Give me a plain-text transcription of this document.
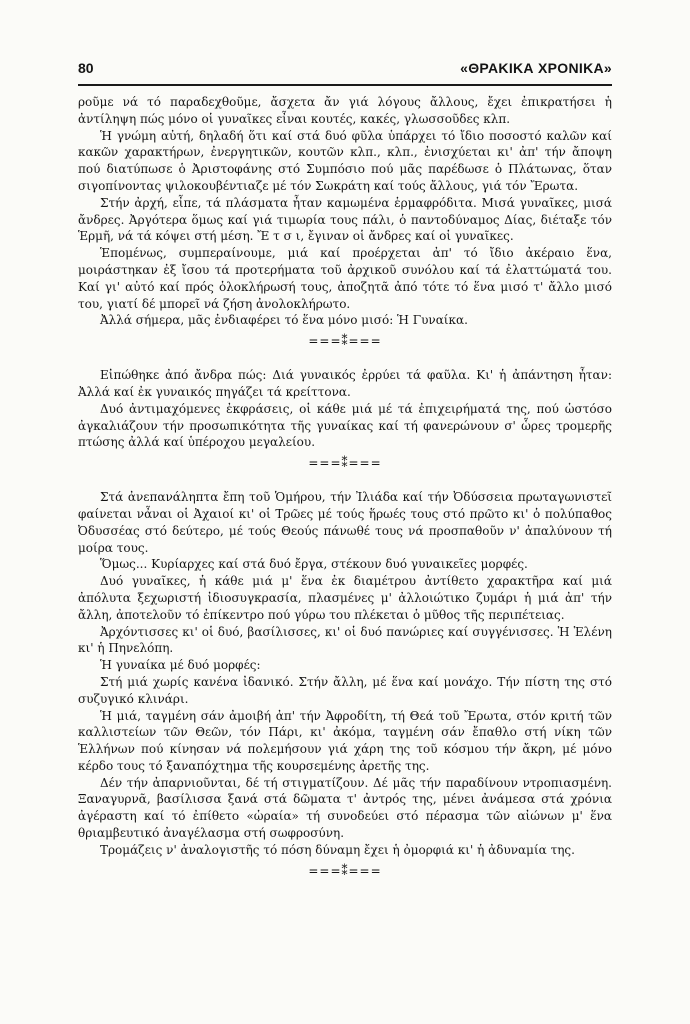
80	«ΘΡΑΚΙΚΑ ΧΡΟΝΙΚΑ»

ροῦμε νά τό παραδεχθοῦμε, ἄσχετα ἄν γιά λόγους ἄλλους, ἔχει ἐπικρατήσει ἡ ἀντίληψη πώς μόνο οἱ γυναῖκες εἶναι κουτές, κακές, γλωσσοῦδες κλπ.

Ἡ γνώμη αὐτή, δηλαδή ὅτι καί στά δυό φῦλα ὑπάρχει τό ἴδιο ποσοστό καλῶν καί κακῶν χαρακτήρων, ἐνεργητικῶν, κουτῶν κλπ., κλπ., ἐνισχύεται κι' ἀπ' τήν ἄποψη πού διατύπωσε ὁ Ἀριστοφάνης στό Συμπόσιο πού μᾶς παρέδωσε ὁ Πλάτωνας, ὅταν σιγοπίνοντας ψιλοκουβέντιαζε μέ τόν Σωκράτη καί τούς ἄλλους, γιά τόν Ἔρωτα.

Στήν ἀρχή, εἶπε, τά πλάσματα ἦταν καμωμένα ἑρμαφρόδιτα. Μισά γυναῖκες, μισά ἄνδρες. Ἀργότερα ὅμως καί γιά τιμωρία τους πάλι, ὁ παντοδύναμος Δίας, διέταξε τόν Ἑρμῆ, νά τά κόψει στή μέση. Ἔ τ σ ι, ἔγιναν οἱ ἄνδρες καί οἱ γυναῖκες.

Ἑπομένως, συμπεραίνουμε, μιά καί προέρχεται ἀπ' τό ἴδιο ἀκέραιο ἕνα, μοιράστηκαν ἐξ ἴσου τά προτερήματα τοῦ ἀρχικοῦ συνόλου καί τά ἐλαττώματά του. Καί γι' αὐτό καί πρός ὁλοκλήρωσή τους, ἀποζητᾶ ἀπό τότε τό ἕνα μισό τ' ἄλλο μισό του, γιατί δέ μπορεῖ νά ζήση ἀνολοκλήρωτο.

Ἀλλά σήμερα, μᾶς ἐνδιαφέρει τό ἕνα μόνο μισό: Ἡ Γυναίκα.

===⁑===

Εἰπώθηκε ἀπό ἄνδρα πώς: Διά γυναικός ἐρρύει τά φαῦλα. Κι' ἡ ἀπάντηση ἦταν: Ἀλλά καί ἐκ γυναικός πηγάζει τά κρείττονα.

Δυό ἀντιμαχόμενες ἐκφράσεις, οἱ κάθε μιά μέ τά ἐπιχειρήματά της, πού ὡστόσο ἀγκαλιάζουν τήν προσωπικότητα τῆς γυναίκας καί τή φανερώνουν σ' ὧρες τρομερῆς πτώσης ἀλλά καί ὑπέροχου μεγαλείου.

===⁑===

Στά ἀνεπανάληπτα ἔπη τοῦ Ὁμήρου, τήν Ἰλιάδα καί τήν Ὀδύσσεια πρωταγωνιστεῖ φαίνεται νἆναι οἱ Ἀχαιοί κι' οἱ Τρῶες μέ τούς ἥρωές τους στό πρῶτο κι' ὁ πολύπαθος Ὀδυσσέας στό δεύτερο, μέ τούς Θεούς πάνωθέ τους νά προσπαθοῦν ν' ἀπαλύνουν τή μοίρα τους.

Ὅμως... Κυρίαρχες καί στά δυό ἔργα, στέκουν δυό γυναικεῖες μορφές.

Δυό γυναῖκες, ἡ κάθε μιά μ' ἕνα ἐκ διαμέτρου ἀντίθετο χαρακτῆρα καί μιά ἀπόλυτα ξεχωριστή ἰδιοσυγκρασία, πλασμένες μ' ἀλλοιώτικο ζυμάρι ἡ μιά ἀπ' τήν ἄλλη, ἀποτελοῦν τό ἐπίκεντρο πού γύρω του πλέκεται ὁ μῦθος τῆς περιπέτειας.

Ἀρχόντισσες κι' οἱ δυό, βασίλισσες, κι' οἱ δυό πανώριες καί συγγένισσες. Ἡ Ἑλένη κι' ἡ Πηνελόπη.

Ἡ γυναίκα μέ δυό μορφές:

Στή μιά χωρίς κανένα ἰδανικό. Στήν ἄλλη, μέ ἕνα καί μονάχο. Τήν πίστη της στό συζυγικό κλινάρι.

Ἡ μιά, ταγμένη σάν ἀμοιβή ἀπ' τήν Ἀφροδίτη, τή Θεά τοῦ Ἔρωτα, στόν κριτή τῶν καλλιστείων τῶν Θεῶν, τόν Πάρι, κι' ἀκόμα, ταγμένη σάν ἔπαθλο στή νίκη τῶν Ἑλλήνων πού κίνησαν νά πολεμήσουν γιά χάρη της τοῦ κόσμου τήν ἄκρη, μέ μόνο κέρδο τους τό ξαναπόχτημα τῆς κουρσεμένης ἀρετῆς της.

Δέν τήν ἀπαρνιοῦνται, δέ τή στιγματίζουν. Δέ μᾶς τήν παραδίνουν ντροπιασμένη. Ξαναγυρνᾶ, βασίλισσα ξανά στά δῶματα τ' ἀντρός της, μένει ἀνάμεσα στά χρόνια ἀγέραστη καί τό ἐπίθετο «ὡραία» τή συνοδεύει στό πέρασμα τῶν αἰώνων μ' ἕνα θριαμβευτικό ἀναγέλασμα στή σωφροσύνη.

Τρομάζεις ν' ἀναλογιστῆς τό πόση δύναμη ἔχει ἡ ὀμορφιά κι' ἡ ἀδυναμία της.

===⁑===
